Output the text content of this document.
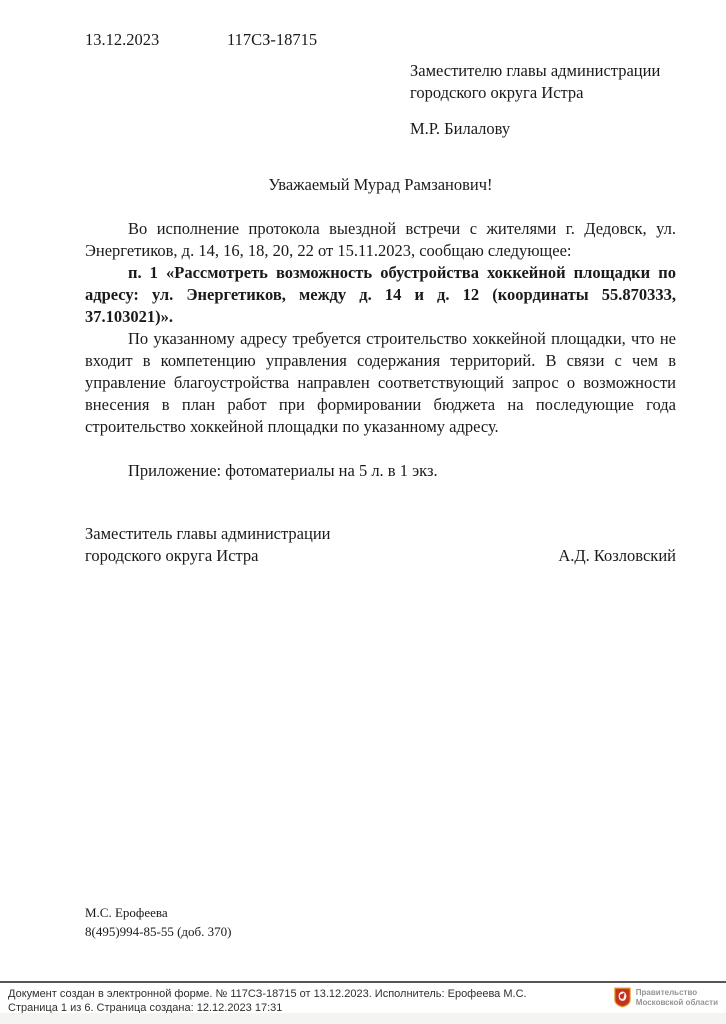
13.12.2023	117СЗ-18715
Заместителю главы администрации
городского округа Истра
М.Р. Билалову
Уважаемый Мурад Рамзанович!

Во исполнение протокола выездной встречи с жителями г. Дедовск, ул. Энергетиков, д. 14, 16, 18, 20, 22 от 15.11.2023, сообщаю следующее:

п. 1 «Рассмотреть возможность обустройства хоккейной площадки по адресу: ул. Энергетиков, между д. 14 и д. 12 (координаты 55.870333, 37.103021)».

По указанному адресу требуется строительство хоккейной площадки, что не входит в компетенцию управления содержания территорий. В связи с чем в управление благоустройства направлен соответствующий запрос о возможности внесения в план работ при формировании бюджета на последующие года строительство хоккейной площадки по указанному адресу.

Приложение: фотоматериалы на 5 л. в 1 экз.

Заместитель главы администрации
городского округа Истра	А.Д. Козловский
М.С. Ерофеева
8(495)994-85-55 (доб. 370)
Документ создан в электронной форме. № 117СЗ-18715 от 13.12.2023. Исполнитель: Ерофеева М.С.
Страница 1 из 6. Страница создана: 12.12.2023 17:31
Правительство
Московской области
